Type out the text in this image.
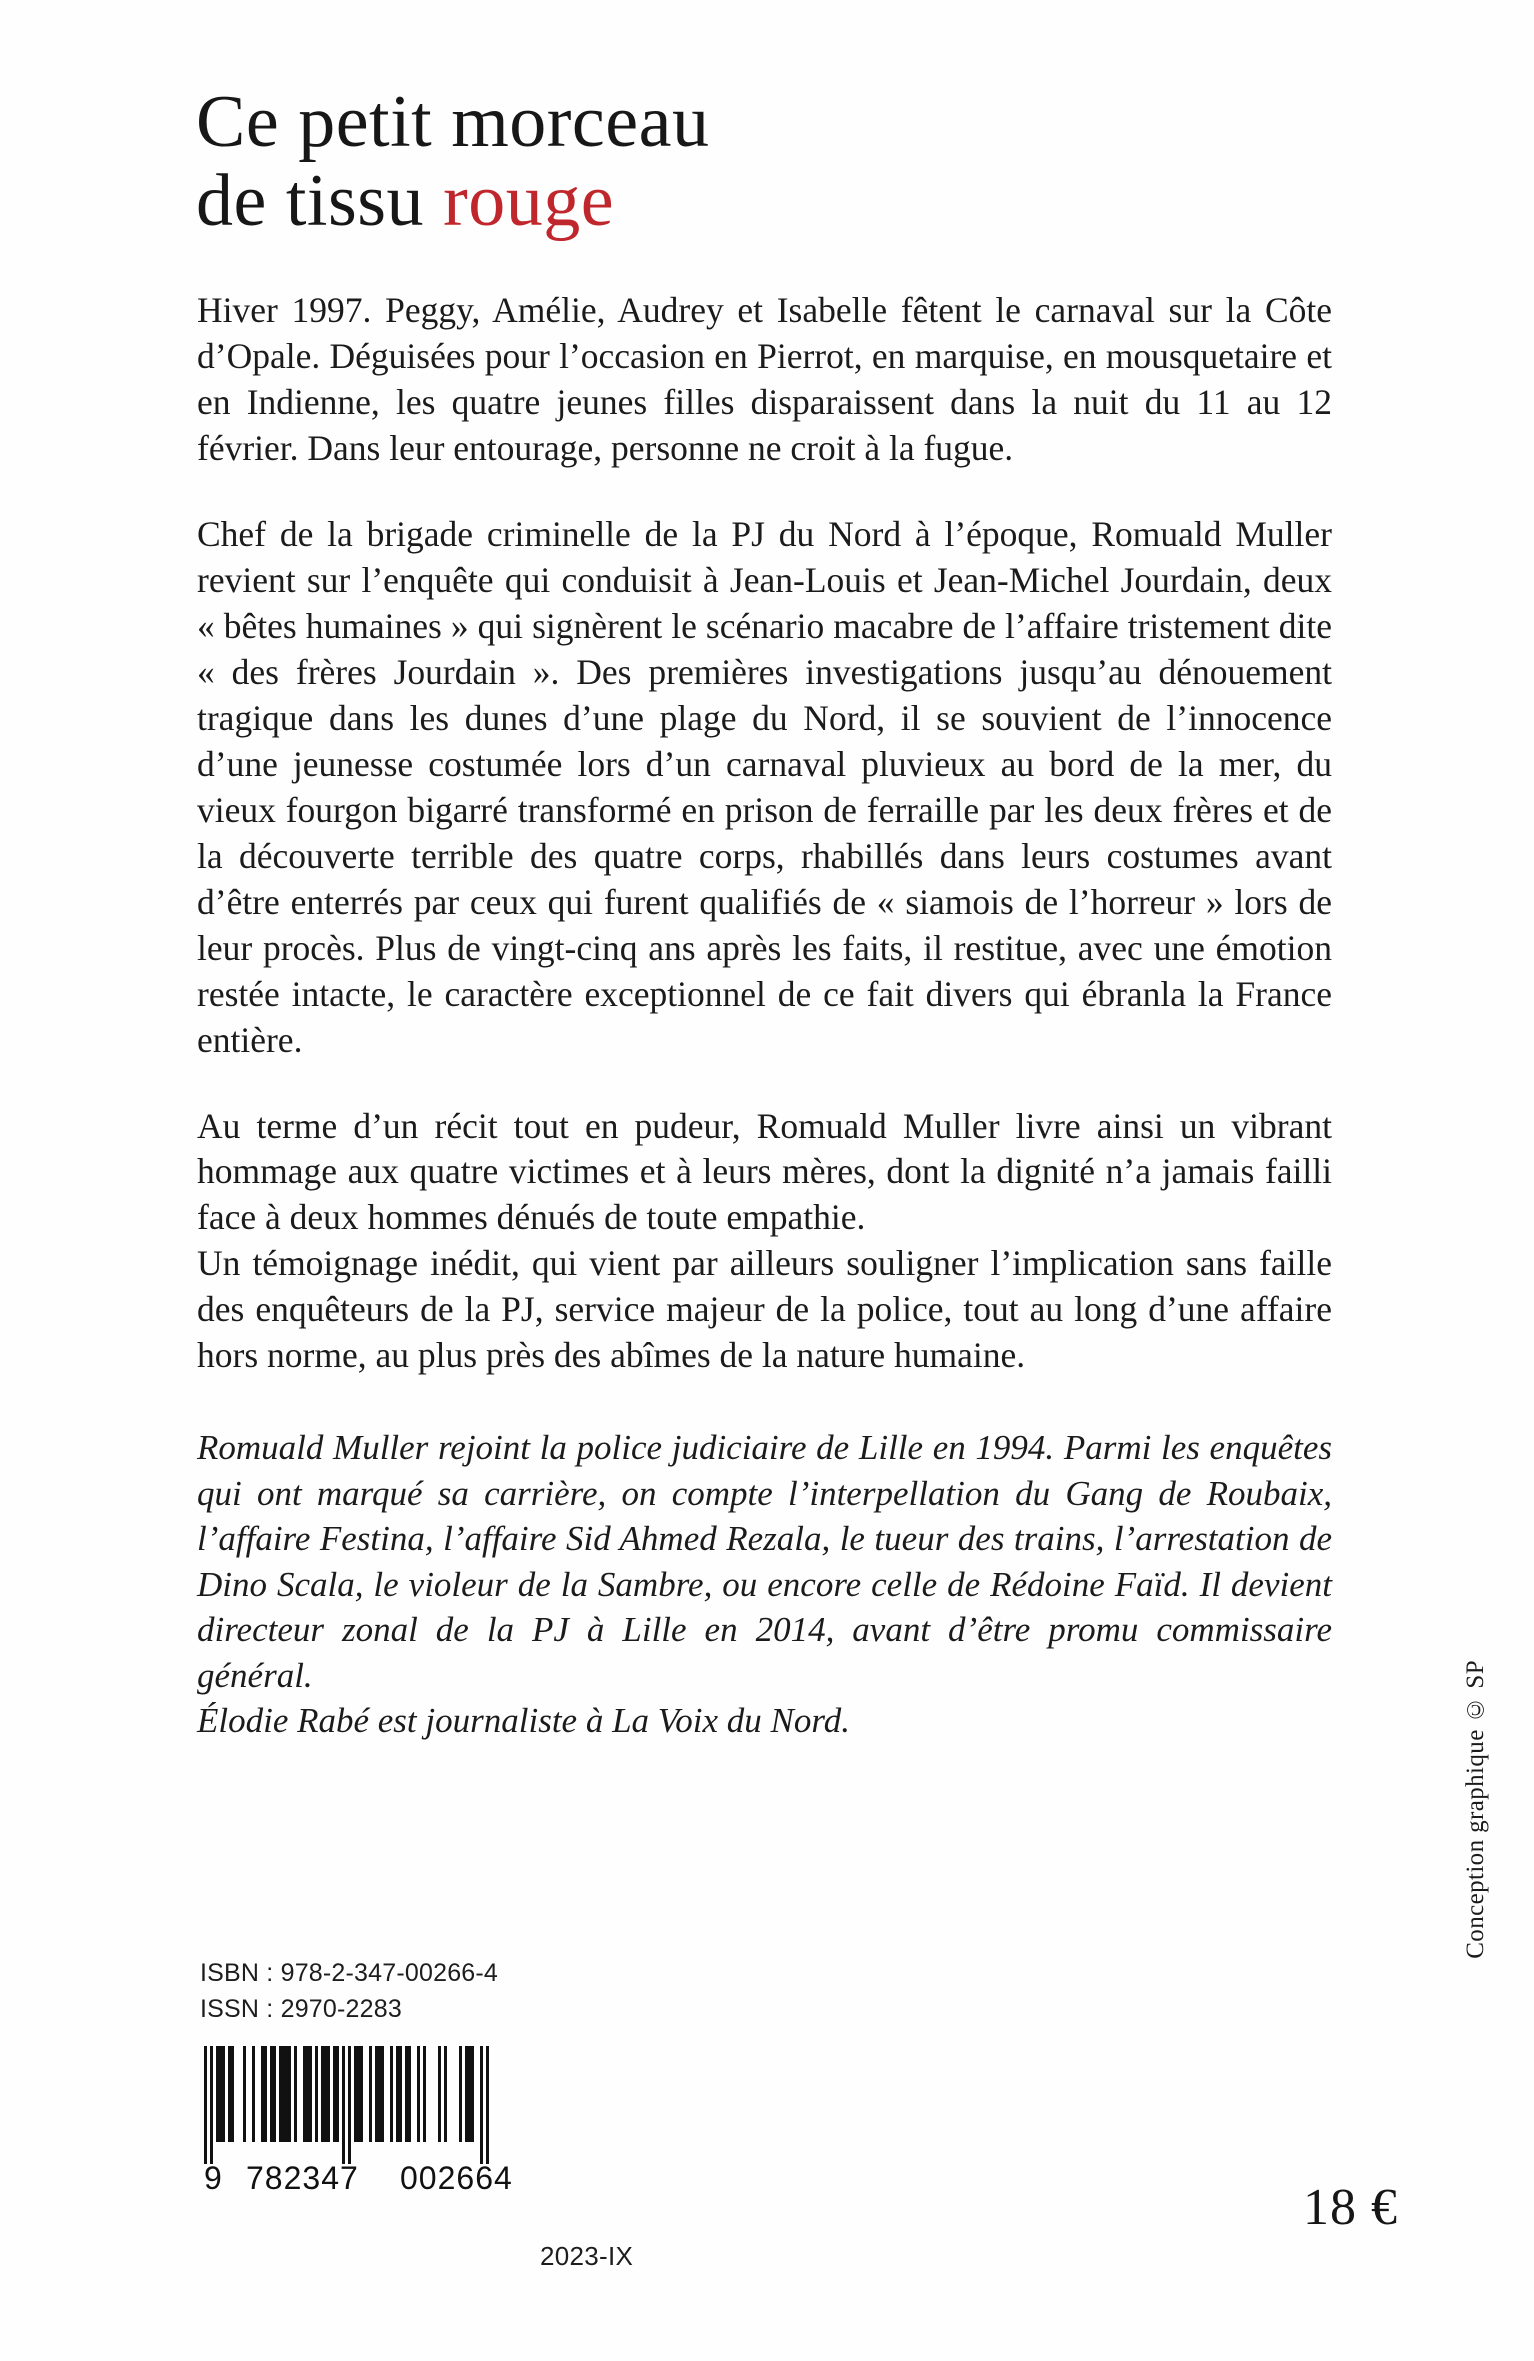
Ce petit morceau
de tissu rouge

Hiver 1997. Peggy, Amélie, Audrey et Isabelle fêtent le carnaval sur la Côte d’Opale. Déguisées pour l’occasion en Pierrot, en marquise, en mousquetaire et en Indienne, les quatre jeunes filles disparaissent dans la nuit du 11 au 12 février. Dans leur entourage, personne ne croit à la fugue.

Chef de la brigade criminelle de la PJ du Nord à l’époque, Romuald Muller revient sur l’enquête qui conduisit à Jean-Louis et Jean-Michel Jourdain, deux « bêtes humaines » qui signèrent le scénario macabre de l’affaire tristement dite « des frères Jourdain ». Des premières investigations jusqu’au dénouement tragique dans les dunes d’une plage du Nord, il se souvient de l’innocence d’une jeunesse costumée lors d’un carnaval pluvieux au bord de la mer, du vieux fourgon bigarré transformé en prison de ferraille par les deux frères et de la découverte terrible des quatre corps, rhabillés dans leurs costumes avant d’être enterrés par ceux qui furent qualifiés de « siamois de l’horreur » lors de leur procès. Plus de vingt-cinq ans après les faits, il restitue, avec une émotion restée intacte, le caractère exceptionnel de ce fait divers qui ébranla la France entière.

Au terme d’un récit tout en pudeur, Romuald Muller livre ainsi un vibrant hommage aux quatre victimes et à leurs mères, dont la dignité n’a jamais failli face à deux hommes dénués de toute empathie.

Un témoignage inédit, qui vient par ailleurs souligner l’implication sans faille des enquêteurs de la PJ, service majeur de la police, tout au long d’une affaire hors norme, au plus près des abîmes de la nature humaine.

Romuald Muller rejoint la police judiciaire de Lille en 1994. Parmi les enquêtes qui ont marqué sa carrière, on compte l’interpellation du Gang de Roubaix, l’affaire Festina, l’affaire Sid Ahmed Rezala, le tueur des trains, l’arrestation de Dino Scala, le violeur de la Sambre, ou encore celle de Rédoine Faïd. Il devient directeur zonal de la PJ à Lille en 2014, avant d’être promu commissaire général.

Élodie Rabé est journaliste à La Voix du Nord.	Conception graphique © SP
ISBN : 978-2-347-00266-4
ISSN : 2970-2283
9 782347 002664
18 €
2023-IX
